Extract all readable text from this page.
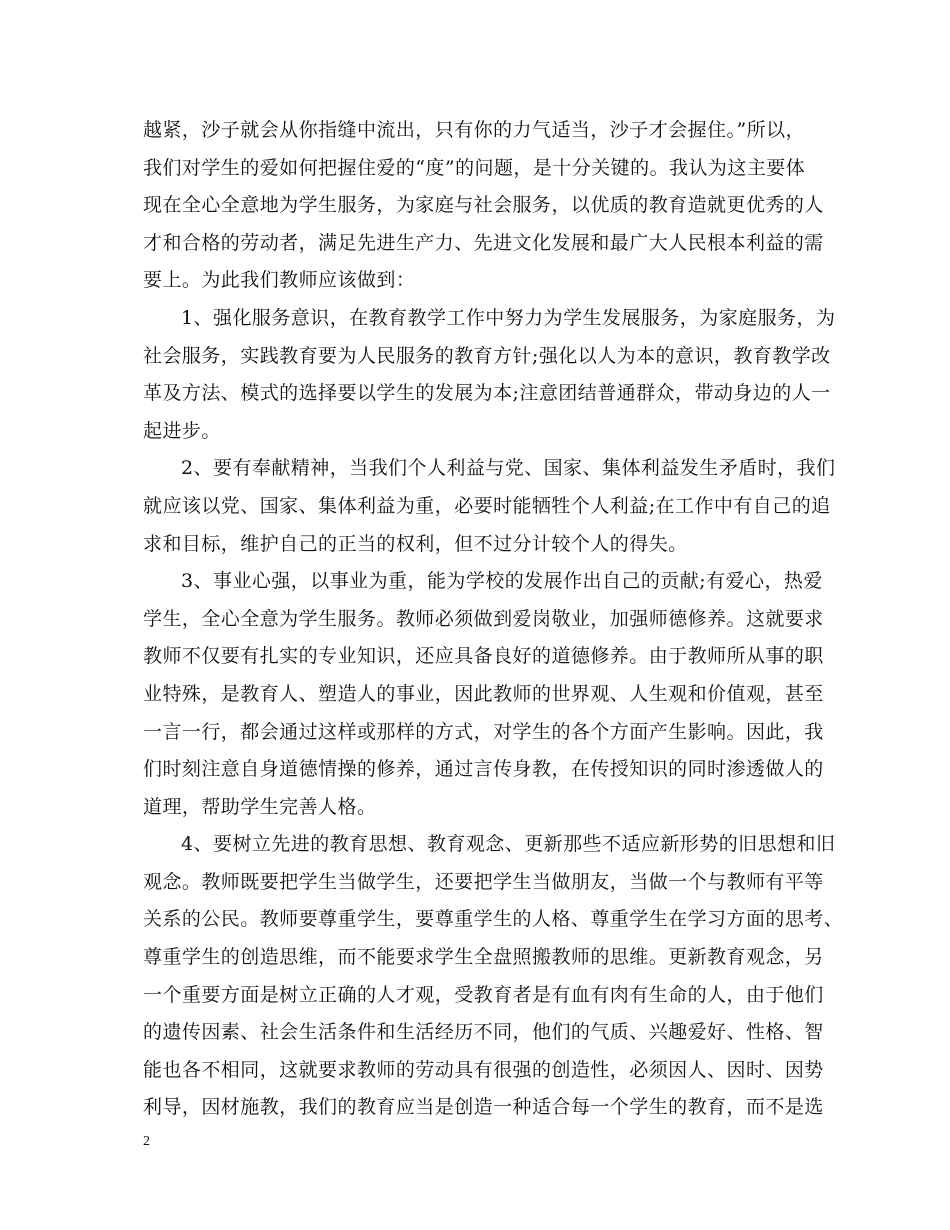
越紧，沙子就会从你指缝中流出，只有你的力气适当，沙子才会握住。”所以，
我们对学生的爱如何把握住爱的“度”的问题，是十分关键的。我认为这主要体
现在全心全意地为学生服务，为家庭与社会服务，以优质的教育造就更优秀的人
才和合格的劳动者，满足先进生产力、先进文化发展和最广大人民根本利益的需
要上。为此我们教师应该做到：
1、强化服务意识，在教育教学工作中努力为学生发展服务，为家庭服务，为
社会服务，实践教育要为人民服务的教育方针;强化以人为本的意识，教育教学改
革及方法、模式的选择要以学生的发展为本;注意团结普通群众，带动身边的人一
起进步。
2、要有奉献精神，当我们个人利益与党、国家、集体利益发生矛盾时，我们
就应该以党、国家、集体利益为重，必要时能牺牲个人利益;在工作中有自己的追
求和目标，维护自己的正当的权利，但不过分计较个人的得失。
3、事业心强，以事业为重，能为学校的发展作出自己的贡献;有爱心，热爱
学生，全心全意为学生服务。教师必须做到爱岗敬业，加强师德修养。这就要求
教师不仅要有扎实的专业知识，还应具备良好的道德修养。由于教师所从事的职
业特殊，是教育人、塑造人的事业，因此教师的世界观、人生观和价值观，甚至
一言一行，都会通过这样或那样的方式，对学生的各个方面产生影响。因此，我
们时刻注意自身道德情操的修养，通过言传身教，在传授知识的同时渗透做人的
道理，帮助学生完善人格。
4、要树立先进的教育思想、教育观念、更新那些不适应新形势的旧思想和旧
观念。教师既要把学生当做学生，还要把学生当做朋友，当做一个与教师有平等
关系的公民。教师要尊重学生，要尊重学生的人格、尊重学生在学习方面的思考、
尊重学生的创造思维，而不能要求学生全盘照搬教师的思维。更新教育观念，另
一个重要方面是树立正确的人才观，受教育者是有血有肉有生命的人，由于他们
的遗传因素、社会生活条件和生活经历不同，他们的气质、兴趣爱好、性格、智
能也各不相同，这就要求教师的劳动具有很强的创造性，必须因人、因时、因势
利导，因材施教，我们的教育应当是创造一种适合每一个学生的教育，而不是选
2
